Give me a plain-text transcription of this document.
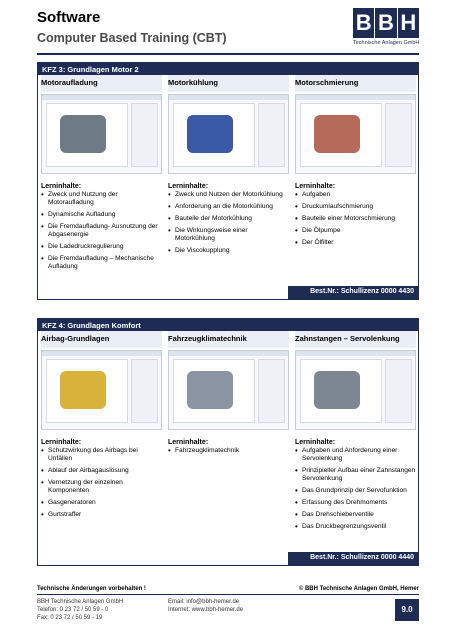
Software
Computer Based Training (CBT)
B B H
Technische Anlagen GmbH
KFZ 3: Grundlagen Motor 2
Motoraufladung
Lerninhalte:
• Zweck und Nutzung der Motoraufladung
• Dynamische Aufladung
• Die Fremdaufladung- Ausnutzung der Abgasenergie
• Die Ladedruckregulierung
• Die Fremdaufladung – Mechanische Aufladung
Motorkühlung
Lerninhalte:
• Zweck und Nutzen der Motorkühlung
• Anforderung an die Motorkühlung
• Bauteile der Motorkühlung
• Die Wirkungsweise einer Motorkühlung
• Die Viscokupplung
Motorschmierung
Lerninhalte:
• Aufgaben
• Druckumlaufschmierung
• Bauteile einer Motorschmierung
• Die Ölpumpe
• Der Ölfilter
Best.Nr.: Schullizenz 0000 4430
KFZ 4: Grundlagen Komfort
Airbag-Grundlagen
Lerninhalte:
• Schutzwirkung des Airbags bei Unfällen
• Ablauf der Airbagauslösung
• Vernetzung der einzelnen Komponenten
• Gasgeneratoren
• Gurtstraffer
Fahrzeugklimatechnik
Lerninhalte:
• Fahrzeugklimatechnik
Zahnstangen – Servolenkung
Lerninhalte:
• Aufgaben und Anforderung einer Servolenkung
• Prinzipieller Aufbau einer Zahnstangen Servolenkung
• Das Grundprinzip der Servofunktion
• Erfassung des Drehmoments
• Das Drehschieberventile
• Das Druckbegrenzungsventil
Best.Nr.: Schullizenz 0000 4440
Technische Änderungen vorbehalten !	© BBH Technische Anlagen GmbH, Hemer
BBH Technische Anlagen GmbH
Telefon: 0 23 72 / 50 59 - 0
Fax: 0 23 72 / 50 59 - 19
Email: info@bbh-hemer.de
Internet: www.bbh-hemer.de	9.0
